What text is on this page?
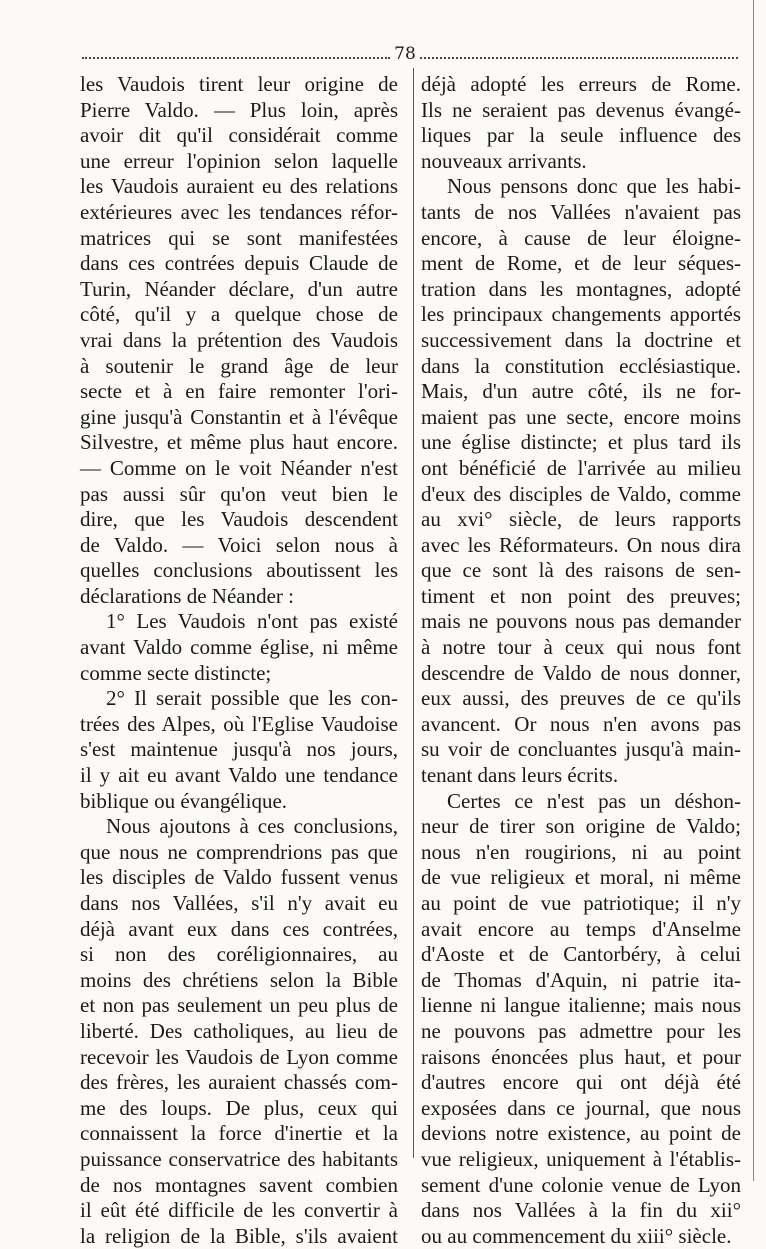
78
les Vaudois tirent leur origine de
Pierre Valdo. — Plus loin, après
avoir dit qu'il considérait comme
une erreur l'opinion selon laquelle
les Vaudois auraient eu des relations
extérieures avec les tendances réfor-
matrices qui se sont manifestées
dans ces contrées depuis Claude de
Turin, Néander déclare, d'un autre
côté, qu'il y a quelque chose de
vrai dans la prétention des Vaudois
à soutenir le grand âge de leur
secte et à en faire remonter l'ori-
gine jusqu'à Constantin et à l'évêque
Silvestre, et même plus haut encore.
— Comme on le voit Néander n'est
pas aussi sûr qu'on veut bien le
dire, que les Vaudois descendent
de Valdo. — Voici selon nous à
quelles conclusions aboutissent les
déclarations de Néander :
1° Les Vaudois n'ont pas existé
avant Valdo comme église, ni même
comme secte distincte;
2° Il serait possible que les con-
trées des Alpes, où l'Eglise Vaudoise
s'est maintenue jusqu'à nos jours,
il y ait eu avant Valdo une tendance
biblique ou évangélique.
Nous ajoutons à ces conclusions,
que nous ne comprendrions pas que
les disciples de Valdo fussent venus
dans nos Vallées, s'il n'y avait eu
déjà avant eux dans ces contrées,
si non des coréligionnaires, au
moins des chrétiens selon la Bible
et non pas seulement un peu plus de
liberté. Des catholiques, au lieu de
recevoir les Vaudois de Lyon comme
des frères, les auraient chassés com-
me des loups. De plus, ceux qui
connaissent la force d'inertie et la
puissance conservatrice des habitants
de nos montagnes savent combien
il eût été difficile de les convertir à
la religion de la Bible, s'ils avaient
déjà adopté les erreurs de Rome.
Ils ne seraient pas devenus évangé-
liques par la seule influence des
nouveaux arrivants.
Nous pensons donc que les habi-
tants de nos Vallées n'avaient pas
encore, à cause de leur éloigne-
ment de Rome, et de leur séques-
tration dans les montagnes, adopté
les principaux changements apportés
successivement dans la doctrine et
dans la constitution ecclésiastique.
Mais, d'un autre côté, ils ne for-
maient pas une secte, encore moins
une église distincte; et plus tard ils
ont bénéficié de l'arrivée au milieu
d'eux des disciples de Valdo, comme
au xvi° siècle, de leurs rapports
avec les Réformateurs. On nous dira
que ce sont là des raisons de sen-
timent et non point des preuves;
mais ne pouvons nous pas demander
à notre tour à ceux qui nous font
descendre de Valdo de nous donner,
eux aussi, des preuves de ce qu'ils
avancent. Or nous n'en avons pas
su voir de concluantes jusqu'à main-
tenant dans leurs écrits.
Certes ce n'est pas un déshon-
neur de tirer son origine de Valdo;
nous n'en rougirions, ni au point
de vue religieux et moral, ni même
au point de vue patriotique; il n'y
avait encore au temps d'Anselme
d'Aoste et de Cantorbéry, à celui
de Thomas d'Aquin, ni patrie ita-
lienne ni langue italienne; mais nous
ne pouvons pas admettre pour les
raisons énoncées plus haut, et pour
d'autres encore qui ont déjà été
exposées dans ce journal, que nous
devions notre existence, au point de
vue religieux, uniquement à l'établis-
sement d'une colonie venue de Lyon
dans nos Vallées à la fin du xii°
ou au commencement du xiii° siècle.
